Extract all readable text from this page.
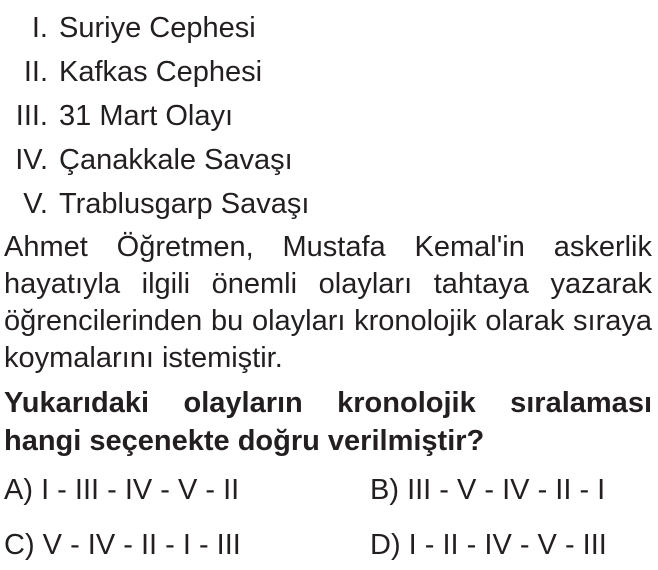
I. Suriye Cephesi
II. Kafkas Cephesi
III. 31 Mart Olayı
IV. Çanakkale Savaşı
V. Trablusgarp Savaşı

Ahmet Öğretmen, Mustafa Kemal'in askerlik hayatıyla ilgili önemli olayları tahtaya yazarak öğrencilerinden bu olayları kronolojik olarak sıraya koymalarını istemiştir.

Yukarıdaki olayların kronolojik sıralaması hangi seçenekte doğru verilmiştir?

A) I - III - IV - V - II	B) III - V - IV - II - I
C) V - IV - II - I - III	D) I - II - IV - V - III
